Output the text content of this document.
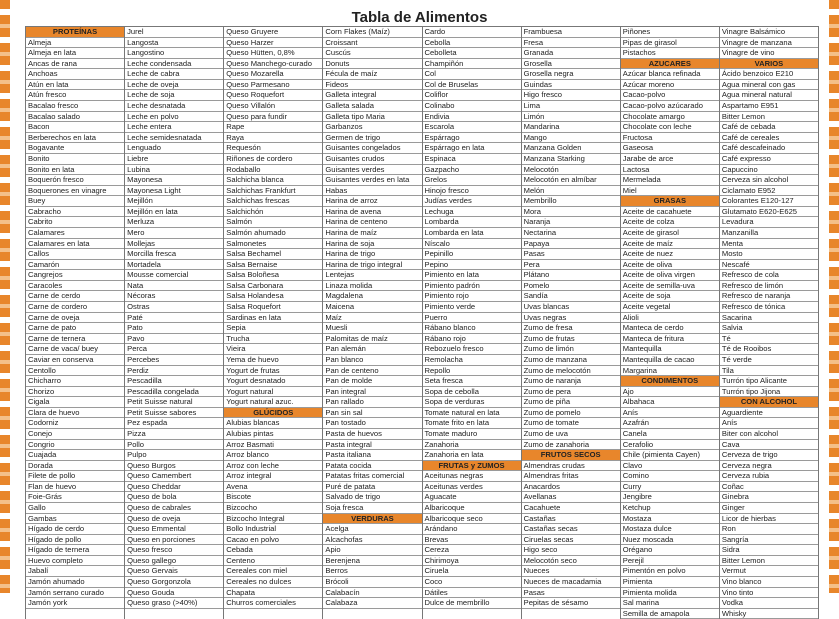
Tabla de Alimentos
PROTEÍNAS
Almeja
Almeja en lata
Ancas de rana
Anchoas
Atún en lata
Atún fresco
Bacalao fresco
Bacalao salado
Bacon
Berberechos en lata
Bogavante
Bonito
Bonito en lata
Boquerón fresco
Boquerones en vinagre
Buey
Cabracho
Cabrito
Calamares
Calamares en lata
Callos
Camarón
Cangrejos
Caracoles
Carne de cerdo
Carne de cordero
Carne de oveja
Carne de pato
Carne de ternera
Carne de vaca/ buey
Caviar en conserva
Centollo
Chicharro
Chorizo
Cigala
Clara de huevo
Codorniz
Conejo
Congrio
Cuajada
Dorada
Filete de pollo
Flan de huevo
Foie-Grás
Gallo
Gambas
Hígado de cerdo
Hígado de pollo
Hígado de ternera
Huevo completo
Jabalí
Jamón ahumado
Jamón serrano curado
Jamón york
Jurel
Langosta
Langostino
Leche condensada
Leche de cabra
Leche de oveja
Leche de soja
Leche desnatada
Leche en polvo
Leche entera
Leche semidesnatada
Lenguado
Liebre
Lubina
Mayonesa
Mayonesa Light
Mejillón
Mejillón en lata
Merluza
Mero
Mollejas
Morcilla fresca
Mortadela
Mousse comercial
Nata
Nécoras
Ostras
Paté
Pato
Pavo
Perca
Percebes
Perdiz
Pescadilla
Pescadilla congelada
Petit Suisse natural
Petit Suisse sabores
Pez espada
Pizza
Pollo
Pulpo
Queso Burgos
Queso Camembert
Queso Cheddar
Queso de bola
Queso de cabrales
Queso de oveja
Queso Emmental
Queso en porciones
Queso fresco
Queso gallego
Queso Gervais
Queso Gorgonzola
Queso Gouda
Queso graso (>40%)
Queso Gruyere
Queso Harzer
Queso Hütten, 0,8%
Queso Manchego-curado
Queso Mozarella
Queso Parmesano
Queso Roquefort
Queso Villalón
Queso para fundir
Rape
Raya
Requesón
Riñones de cordero
Rodaballo
Salchicha blanca
Salchichas Frankfurt
Salchichas frescas
Salchichón
Salmón
Salmón ahumado
Salmonetes
Salsa Bechamel
Salsa Bernaise
Salsa Boloñesa
Salsa Carbonara
Salsa Holandesa
Salsa Roquefort
Sardinas en lata
Sepia
Trucha
Vieira
Yema de huevo
Yogurt de frutas
Yogurt desnatado
Yogurt natural
Yogurt natural azuc.
GLÚCIDOS
Alubias blancas
Alubias pintas
Arroz Basmati
Arroz blanco
Arroz con leche
Arroz integral
Avena
Biscote
Bizcocho
Bizcocho Integral
Bollo Industrial
Cacao en polvo
Cebada
Centeno
Cereales con miel
Cereales no dulces
Chapata
Churros comerciales
Corn Flakes (Maíz)
Croissant
Cuscús
Donuts
Fécula de maíz
Fideos
Galleta integral
Galleta salada
Galleta tipo Maria
Garbanzos
Germen de trigo
Guisantes congelados
Guisantes crudos
Guisantes verdes
Guisantes verdes en lata
Habas
Harina de arroz
Harina de avena
Harina de centeno
Harina de maíz
Harina de soja
Harina de trigo
Harina de trigo integral
Lentejas
Linaza molida
Magdalena
Maicena
Maíz
Muesli
Palomitas de maíz
Pan alemán
Pan blanco
Pan de centeno
Pan de molde
Pan integral
Pan rallado
Pan sin sal
Pan tostado
Pasta de huevos
Pasta integral
Pasta italiana
Patata cocida
Patatas fritas comercial
Puré de patata
Salvado de trigo
Soja fresca
VERDURAS
Acelga
Alcachofas
Apio
Berenjena
Berros
Brócoli
Calabacín
Calabaza
Cardo
Cebolla
Cebolleta
Champiñón
Col
Col de Bruselas
Coliflor
Colinabo
Endivia
Escarola
Espárrago
Espárrago en lata
Espinaca
Gazpacho
Grelos
Hinojo fresco
Judías verdes
Lechuga
Lombarda
Lombarda en lata
Níscalo
Pepinillo
Pepino
Pimiento en lata
Pimiento padrón
Pimiento rojo
Pimiento verde
Puerro
Rábano blanco
Rábano rojo
Rebozuelo fresco
Remolacha
Repollo
Seta fresca
Sopa de cebolla
Sopa de verduras
Tomate natural en lata
Tomate frito en lata
Tomate maduro
Zanahoria
Zanahoria en lata
FRUTAS y ZUMOS
Aceitunas negras
Aceitunas verdes
Aguacate
Albaricoque
Albaricoque seco
Arándano
Brevas
Cereza
Chirimoya
Ciruela
Coco
Dátiles
Dulce de membrillo
Frambuesa
Fresa
Granada
Grosella
Grosella negra
Guindas
Higo fresco
Lima
Limón
Mandarina
Mango
Manzana Golden
Manzana Starking
Melocotón
Melocotón en almíbar
Melón
Membrillo
Mora
Naranja
Nectarina
Papaya
Pasas
Pera
Plátano
Pomelo
Sandía
Uvas blancas
Uvas negras
Zumo de fresa
Zumo de frutas
Zumo de limón
Zumo de manzana
Zumo de melocotón
Zumo de naranja
Zumo de pera
Zumo de piña
Zumo de pomelo
Zumo de tomate
Zumo de uva
Zumo de zanahoria
FRUTOS SECOS
Almendras crudas
Almendras fritas
Anacardos
Avellanas
Cacahuete
Castañas
Castañas secas
Ciruelas secas
Higo seco
Melocotón seco
Nueces
Nueces de macadamia
Pasas
Pepitas de sésamo
Piñones
Pipas de girasol
Pistachos
AZUCARES
Azúcar blanca refinada
Azúcar moreno
Cacao-polvo
Cacao-polvo azúcarado
Chocolate amargo
Chocolate con leche
Fructosa
Gaseosa
Jarabe de arce
Lactosa
Mermelada
Miel
GRASAS
Aceite de cacahuete
Aceite de colza
Aceite de girasol
Aceite de maíz
Aceite de nuez
Aceite de oliva
Aceite de oliva virgen
Aceite de semilla-uva
Aceite de soja
Aceite vegetal
Alioli
Manteca de cerdo
Manteca de fritura
Mantequilla
Mantequilla de cacao
Margarina
CONDIMENTOS
Ajo
Albahaca
Anís
Azafrán
Canela
Cerafolio
Chile (pimienta Cayen)
Clavo
Comino
Curry
Jengibre
Ketchup
Mostaza
Mostaza dulce
Nuez moscada
Orégano
Perejil
Pimentón en polvo
Pimienta
Pimienta molida
Sal marina
Semilla de amapola
Vinagre Balsámico
Vinagre de manzana
Vinagre de vino
VARIOS
Ácido benzoico E210
Agua mineral con gas
Agua mineral natural
Aspartamo E951
Bitter Lemon
Café de cebada
Café de cereales
Café descafeinado
Café expresso
Capuccino
Cerveza sin alcohol
Ciclamato E952
Colorantes E120-127
Glutamato E620-E625
Levadura
Manzanilla
Menta
Mosto
Nescafé
Refresco de cola
Refresco de limón
Refresco de naranja
Refresco de tónica
Sacarina
Salvia
Té
Té de Rooibos
Té verde
Tila
Turrón tipo Alicante
Turrón tipo Jijona
CON ALCOHOL
Aguardiente
Anís
Biter con alcohol
Cava
Cerveza de trigo
Cerveza negra
Cerveza rubia
Coñac
Ginebra
Ginger
Licor de hierbas
Ron
Sangría
Sidra
Bitter Lemon
Vermut
Vino blanco
Vino tinto
Vodka
Whisky
